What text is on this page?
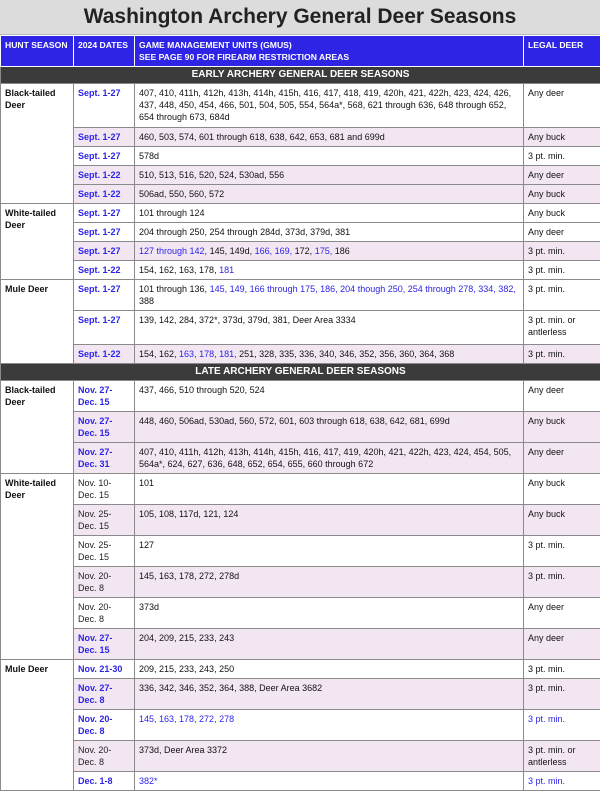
Washington Archery General Deer Seasons
HUNT SEASON	2024 DATES	GAME MANAGEMENT UNITS (GMUS)
SEE PAGE 90 FOR FIREARM RESTRICTION AREAS	LEGAL DEER
EARLY ARCHERY GENERAL DEER SEASONS			
Black-tailed Deer	Sept. 1-27	407, 410, 411h, 412h, 413h, 414h, 415h, 416, 417, 418, 419, 420h, 421, 422h, 423, 424, 426, 437, 448, 450, 454, 466, 501, 504, 505, 554, 564a*, 568, 621 through 636, 648 through 652, 654 through 673, 684d	Any deer
	Sept. 1-27	460, 503, 574, 601 through 618, 638, 642, 653, 681 and 699d	Any buck
	Sept. 1-27	578d	3 pt. min.
	Sept. 1-22	510, 513, 516, 520, 524, 530ad, 556	Any deer
	Sept. 1-22	506ad, 550, 560, 572	Any buck
White-tailed Deer	Sept. 1-27	101 through 124	Any buck
	Sept. 1-27	204 through 250, 254 through 284d, 373d, 379d, 381	Any deer
	Sept. 1-27	127 through 142, 145, 149d, 166, 169, 172, 175, 186	3 pt. min.
	Sept. 1-22	154, 162, 163, 178, 181	3 pt. min.
Mule Deer	Sept. 1-27	101 through 136, 145, 149, 166 through 175, 186, 204 though 250, 254 through 278, 334, 382, 388	3 pt. min.
	Sept. 1-27	139, 142, 284, 372*, 373d, 379d, 381, Deer Area 3334	3 pt. min. or antlerless
	Sept. 1-22	154, 162, 163, 178, 181, 251, 328, 335, 336, 340, 346, 352, 356, 360, 364, 368	3 pt. min.
LATE ARCHERY GENERAL DEER SEASONS			
Black-tailed Deer	Nov. 27- Dec. 15	437, 466, 510 through 520, 524	Any deer
	Nov. 27- Dec. 15	448, 460, 506ad, 530ad, 560, 572, 601, 603 through 618, 638, 642, 681, 699d	Any buck
	Nov. 27- Dec. 31	407, 410, 411h, 412h, 413h, 414h, 415h, 416, 417, 419, 420h, 421, 422h, 423, 424, 454, 505, 564a*, 624, 627, 636, 648, 652, 654, 655, 660 through 672	Any deer
White-tailed Deer	Nov. 10- Dec. 15	101	Any buck
	Nov. 25- Dec. 15	105, 108, 117d, 121, 124	Any buck
	Nov. 25- Dec. 15	127	3 pt. min.
	Nov. 20- Dec. 8	145, 163, 178, 272, 278d	3 pt. min.
	Nov. 20- Dec. 8	373d	Any deer
	Nov. 27- Dec. 15	204, 209, 215, 233, 243	Any deer
Mule Deer	Nov. 21-30	209, 215, 233, 243, 250	3 pt. min.
	Nov. 27- Dec. 8	336, 342, 346, 352, 364, 388, Deer Area 3682	3 pt. min.
	Nov. 20- Dec. 8	145, 163, 178, 272, 278	3 pt. min.
	Nov. 20- Dec. 8	373d, Deer Area 3372	3 pt. min. or antlerless
	Dec. 1-8	382*	3 pt. min.
